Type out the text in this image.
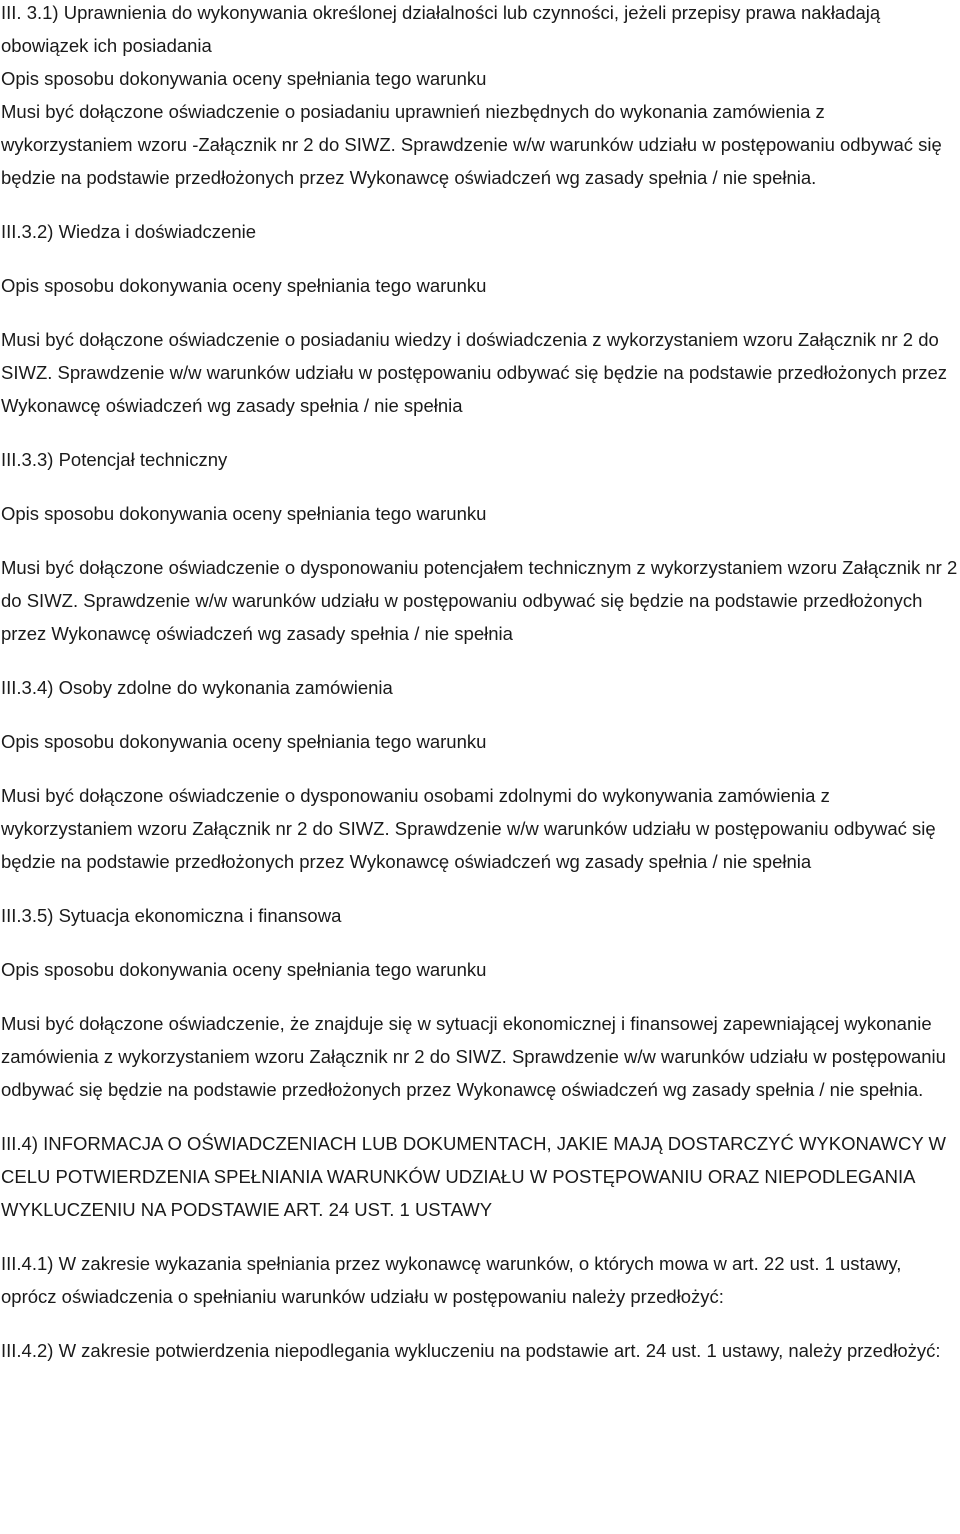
III. 3.1) Uprawnienia do wykonywania określonej działalności lub czynności, jeżeli przepisy prawa nakładają obowiązek ich posiadania

Opis sposobu dokonywania oceny spełniania tego warunku

Musi być dołączone oświadczenie o posiadaniu uprawnień niezbędnych do wykonania zamówienia z wykorzystaniem wzoru -Załącznik nr 2 do SIWZ. Sprawdzenie w/w warunków udziału w postępowaniu odbywać się będzie na podstawie przedłożonych przez Wykonawcę oświadczeń wg zasady spełnia / nie spełnia.

III.3.2) Wiedza i doświadczenie

Opis sposobu dokonywania oceny spełniania tego warunku

Musi być dołączone oświadczenie o posiadaniu wiedzy i doświadczenia z wykorzystaniem wzoru Załącznik nr 2 do SIWZ. Sprawdzenie w/w warunków udziału w postępowaniu odbywać się będzie na podstawie przedłożonych przez Wykonawcę oświadczeń wg zasady spełnia / nie spełnia

III.3.3) Potencjał techniczny

Opis sposobu dokonywania oceny spełniania tego warunku

Musi być dołączone oświadczenie o dysponowaniu potencjałem technicznym z wykorzystaniem wzoru Załącznik nr 2 do SIWZ. Sprawdzenie w/w warunków udziału w postępowaniu odbywać się będzie na podstawie przedłożonych przez Wykonawcę oświadczeń wg zasady spełnia / nie spełnia

III.3.4) Osoby zdolne do wykonania zamówienia

Opis sposobu dokonywania oceny spełniania tego warunku

Musi być dołączone oświadczenie o dysponowaniu osobami zdolnymi do wykonywania zamówienia z wykorzystaniem wzoru Załącznik nr 2 do SIWZ. Sprawdzenie w/w warunków udziału w postępowaniu odbywać się będzie na podstawie przedłożonych przez Wykonawcę oświadczeń wg zasady spełnia / nie spełnia

III.3.5) Sytuacja ekonomiczna i finansowa

Opis sposobu dokonywania oceny spełniania tego warunku

Musi być dołączone oświadczenie, że znajduje się w sytuacji ekonomicznej i finansowej zapewniającej wykonanie zamówienia z wykorzystaniem wzoru Załącznik nr 2 do SIWZ. Sprawdzenie w/w warunków udziału w postępowaniu odbywać się będzie na podstawie przedłożonych przez Wykonawcę oświadczeń wg zasady spełnia / nie spełnia.

III.4) INFORMACJA O OŚWIADCZENIACH LUB DOKUMENTACH, JAKIE MAJĄ DOSTARCZYĆ WYKONAWCY W CELU POTWIERDZENIA SPEŁNIANIA WARUNKÓW UDZIAŁU W POSTĘPOWANIU ORAZ NIEPODLEGANIA WYKLUCZENIU NA PODSTAWIE ART. 24 UST. 1 USTAWY

III.4.1) W zakresie wykazania spełniania przez wykonawcę warunków, o których mowa w art. 22 ust. 1 ustawy, oprócz oświadczenia o spełnianiu warunków udziału w postępowaniu należy przedłożyć:

III.4.2) W zakresie potwierdzenia niepodlegania wykluczeniu na podstawie art. 24 ust. 1 ustawy, należy przedłożyć:
